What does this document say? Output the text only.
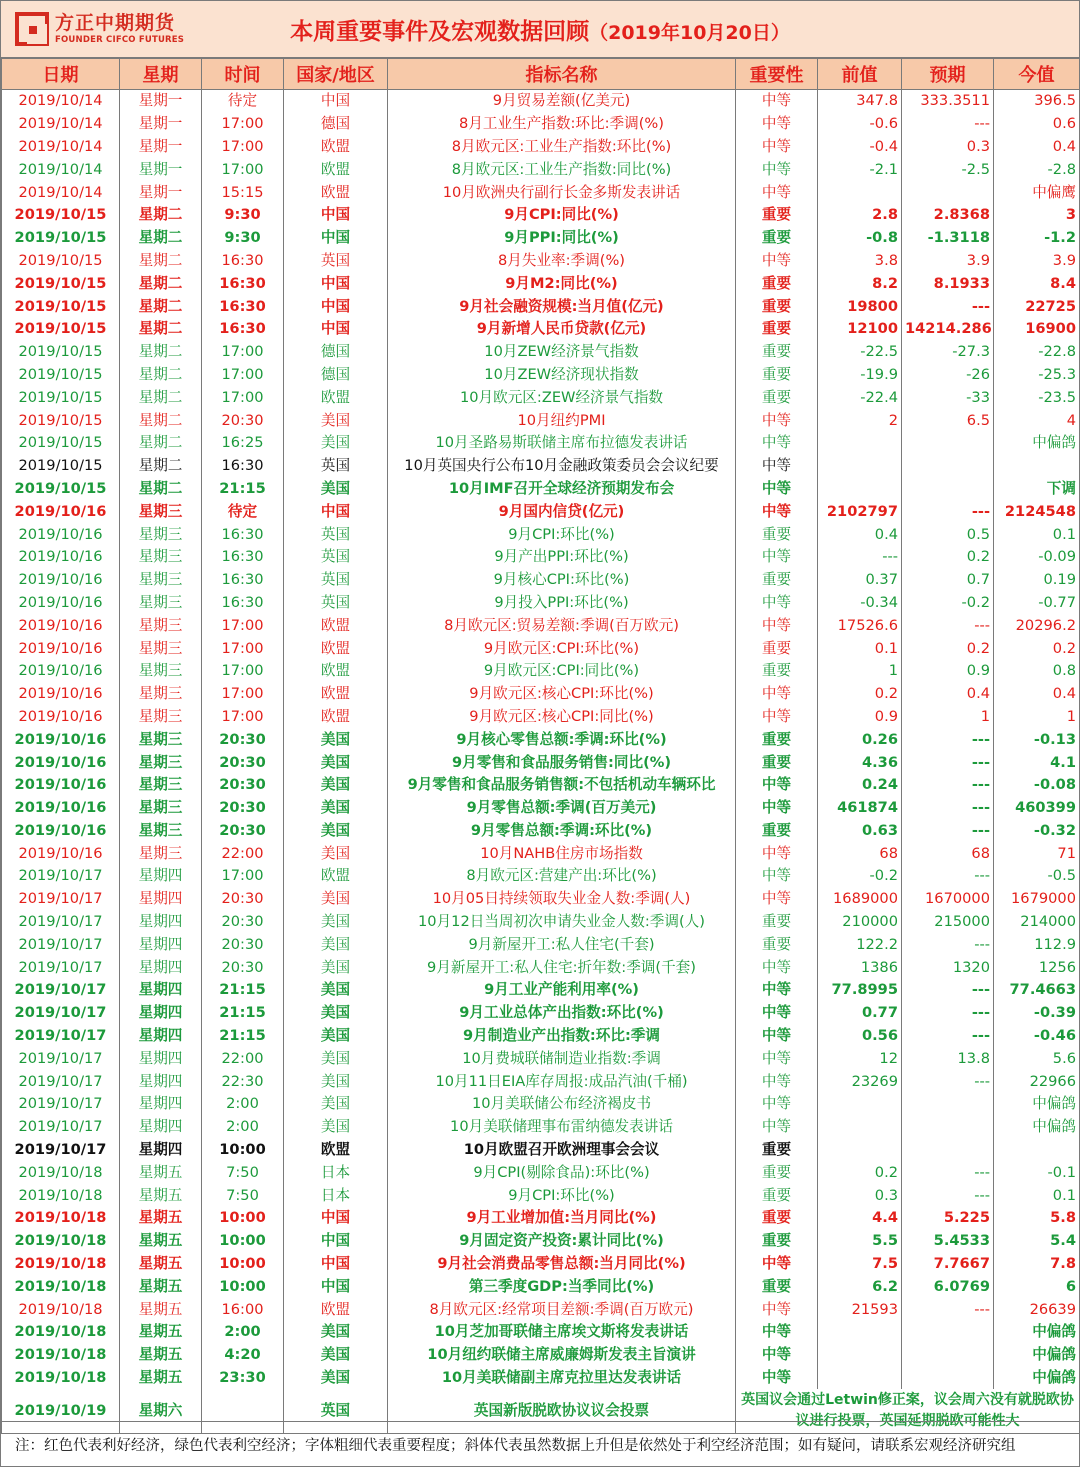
方正中期期货
FOUNDER CIFCO FUTURES	本周重要事件及宏观数据回顾（2019年10月20日）
日期	星期	时间	国家/地区	指标名称	重要性	前值	预期	今值
2019/10/14	星期一	待定	中国	9月贸易差额(亿美元)	中等	347.8	333.3511	396.5
2019/10/14	星期一	17:00	德国	8月工业生产指数:环比:季调(%)	中等	-0.6	---	0.6
2019/10/14	星期一	17:00	欧盟	8月欧元区:工业生产指数:环比(%)	中等	-0.4	0.3	0.4
2019/10/14	星期一	17:00	欧盟	8月欧元区:工业生产指数:同比(%)	中等	-2.1	-2.5	-2.8
2019/10/14	星期一	15:15	欧盟	10月欧洲央行副行长金多斯发表讲话	中等			中偏鹰
2019/10/15	星期二	9:30	中国	9月CPI:同比(%)	重要	2.8	2.8368	3
2019/10/15	星期二	9:30	中国	9月PPI:同比(%)	重要	-0.8	-1.3118	-1.2
2019/10/15	星期二	16:30	英国	8月失业率:季调(%)	中等	3.8	3.9	3.9
2019/10/15	星期二	16:30	中国	9月M2:同比(%)	重要	8.2	8.1933	8.4
2019/10/15	星期二	16:30	中国	9月社会融资规模:当月值(亿元)	重要	19800	---	22725
2019/10/15	星期二	16:30	中国	9月新增人民币贷款(亿元)	重要	12100	14214.286	16900
2019/10/15	星期二	17:00	德国	10月ZEW经济景气指数	重要	-22.5	-27.3	-22.8
2019/10/15	星期二	17:00	德国	10月ZEW经济现状指数	重要	-19.9	-26	-25.3
2019/10/15	星期二	17:00	欧盟	10月欧元区:ZEW经济景气指数	重要	-22.4	-33	-23.5
2019/10/15	星期二	20:30	美国	10月纽约PMI	中等	2	6.5	4
2019/10/15	星期二	16:25	美国	10月圣路易斯联储主席布拉德发表讲话	中等			中偏鸽
2019/10/15	星期二	16:30	英国	10月英国央行公布10月金融政策委员会会议纪要	中等			
2019/10/15	星期二	21:15	美国	10月IMF召开全球经济预期发布会	中等			下调
2019/10/16	星期三	待定	中国	9月国内信贷(亿元)	中等	2102797	---	2124548
2019/10/16	星期三	16:30	英国	9月CPI:环比(%)	重要	0.4	0.5	0.1
2019/10/16	星期三	16:30	英国	9月产出PPI:环比(%)	中等	---	0.2	-0.09
2019/10/16	星期三	16:30	英国	9月核心CPI:环比(%)	重要	0.37	0.7	0.19
2019/10/16	星期三	16:30	英国	9月投入PPI:环比(%)	中等	-0.34	-0.2	-0.77
2019/10/16	星期三	17:00	欧盟	8月欧元区:贸易差额:季调(百万欧元)	中等	17526.6	---	20296.2
2019/10/16	星期三	17:00	欧盟	9月欧元区:CPI:环比(%)	重要	0.1	0.2	0.2
2019/10/16	星期三	17:00	欧盟	9月欧元区:CPI:同比(%)	重要	1	0.9	0.8
2019/10/16	星期三	17:00	欧盟	9月欧元区:核心CPI:环比(%)	中等	0.2	0.4	0.4
2019/10/16	星期三	17:00	欧盟	9月欧元区:核心CPI:同比(%)	中等	0.9	1	1
2019/10/16	星期三	20:30	美国	9月核心零售总额:季调:环比(%)	重要	0.26	---	-0.13
2019/10/16	星期三	20:30	美国	9月零售和食品服务销售:同比(%)	重要	4.36	---	4.1
2019/10/16	星期三	20:30	美国	9月零售和食品服务销售额:不包括机动车辆环比	中等	0.24	---	-0.08
2019/10/16	星期三	20:30	美国	9月零售总额:季调(百万美元)	中等	461874	---	460399
2019/10/16	星期三	20:30	美国	9月零售总额:季调:环比(%)	重要	0.63	---	-0.32
2019/10/16	星期三	22:00	美国	10月NAHB住房市场指数	中等	68	68	71
2019/10/17	星期四	17:00	欧盟	8月欧元区:营建产出:环比(%)	中等	-0.2	---	-0.5
2019/10/17	星期四	20:30	美国	10月05日持续领取失业金人数:季调(人)	中等	1689000	1670000	1679000
2019/10/17	星期四	20:30	美国	10月12日当周初次申请失业金人数:季调(人)	重要	210000	215000	214000
2019/10/17	星期四	20:30	美国	9月新屋开工:私人住宅(千套)	重要	122.2	---	112.9
2019/10/17	星期四	20:30	美国	9月新屋开工:私人住宅:折年数:季调(千套)	中等	1386	1320	1256
2019/10/17	星期四	21:15	美国	9月工业产能利用率(%)	中等	77.8995	---	77.4663
2019/10/17	星期四	21:15	美国	9月工业总体产出指数:环比(%)	中等	0.77	---	-0.39
2019/10/17	星期四	21:15	美国	9月制造业产出指数:环比:季调	中等	0.56	---	-0.46
2019/10/17	星期四	22:00	美国	10月费城联储制造业指数:季调	中等	12	13.8	5.6
2019/10/17	星期四	22:30	美国	10月11日EIA库存周报:成品汽油(千桶)	中等	23269	---	22966
2019/10/17	星期四	2:00	美国	10月美联储公布经济褐皮书	中等			中偏鸽
2019/10/17	星期四	2:00	美国	10月美联储理事布雷纳德发表讲话	中等			中偏鸽
2019/10/17	星期四	10:00	欧盟	10月欧盟召开欧洲理事会会议	重要			
2019/10/18	星期五	7:50	日本	9月CPI(剔除食品):环比(%)	重要	0.2	---	-0.1
2019/10/18	星期五	7:50	日本	9月CPI:环比(%)	重要	0.3	---	0.1
2019/10/18	星期五	10:00	中国	9月工业增加值:当月同比(%)	重要	4.4	5.225	5.8
2019/10/18	星期五	10:00	中国	9月固定资产投资:累计同比(%)	重要	5.5	5.4533	5.4
2019/10/18	星期五	10:00	中国	9月社会消费品零售总额:当月同比(%)	中等	7.5	7.7667	7.8
2019/10/18	星期五	10:00	中国	第三季度GDP:当季同比(%)	重要	6.2	6.0769	6
2019/10/18	星期五	16:00	欧盟	8月欧元区:经常项目差额:季调(百万欧元)	中等	21593	---	26639
2019/10/18	星期五	2:00	美国	10月芝加哥联储主席埃文斯将发表讲话	中等			中偏鸽
2019/10/18	星期五	4:20	美国	10月纽约联储主席威廉姆斯发表主旨演讲	中等			中偏鸽
2019/10/18	星期五	23:30	美国	10月美联储副主席克拉里达发表讲话	中等			中偏鸽
2019/10/19	星期六		英国	英国新版脱欧协议议会投票	英国议会通过Letwin修正案，议会周六没有就脱欧协议进行投票，英国延期脱欧可能性大			
注：红色代表利好经济，绿色代表利空经济；字体粗细代表重要程度；斜体代表虽然数据上升但是依然处于利空经济范围；如有疑问，请联系宏观经济研究组
